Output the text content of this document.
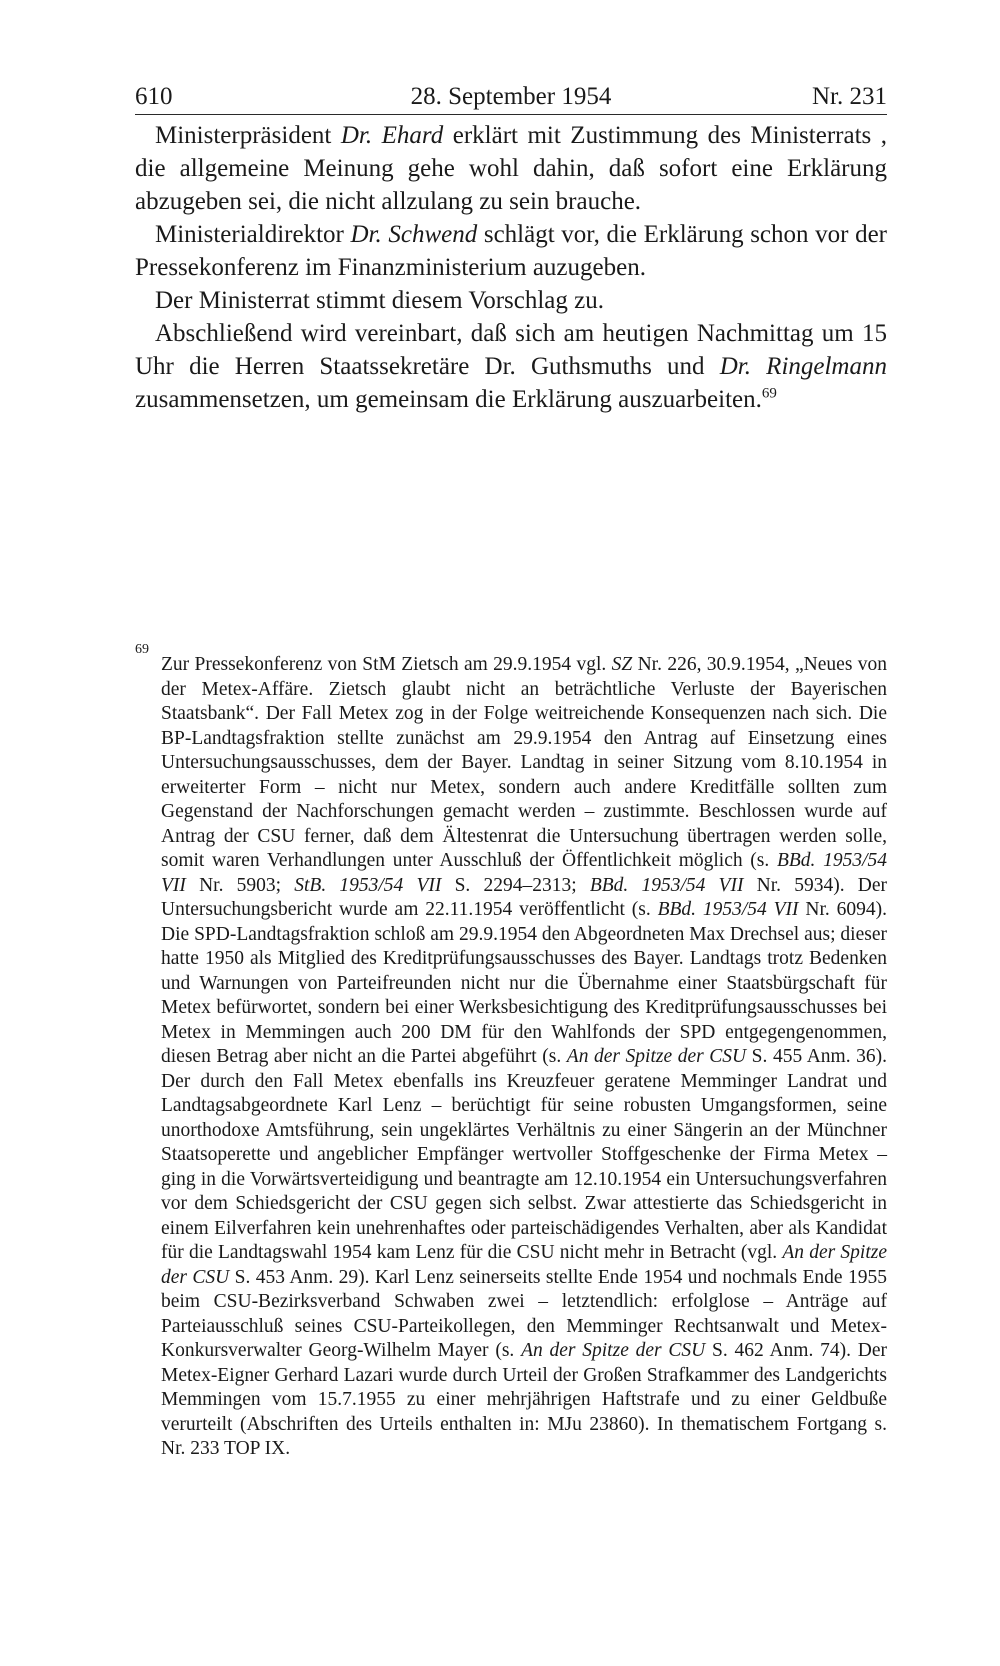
610	28. September 1954	Nr. 231

Ministerpräsident Dr. Ehard erklärt mit Zustimmung des Ministerrats , die allgemeine Meinung gehe wohl dahin, daß sofort eine Erklärung abzugeben sei, die nicht allzulang zu sein brauche.

Ministerialdirektor Dr. Schwend schlägt vor, die Erklärung schon vor der Pressekonferenz im Finanzministerium auzugeben.

Der Ministerrat stimmt diesem Vorschlag zu.

Abschließend wird vereinbart, daß sich am heutigen Nachmittag um 15 Uhr die Herren Staatssekretäre Dr. Guthsmuths und Dr. Ringelmann zusammensetzen, um gemeinsam die Erklärung auszuarbeiten.$^{69}$

69
Zur Pressekonferenz von StM Zietsch am 29.9.1954 vgl. SZ Nr. 226, 30.9.1954, „Neues von der Metex-Affäre. Zietsch glaubt nicht an beträchtliche Verluste der Bayerischen Staatsbank“. Der Fall Metex zog in der Folge weitreichende Konsequenzen nach sich. Die BP-Landtagsfraktion stellte zunächst am 29.9.1954 den Antrag auf Einsetzung eines Untersuchungsausschusses, dem der Bayer. Landtag in seiner Sitzung vom 8.10.1954 in erweiterter Form – nicht nur Metex, sondern auch andere Kreditfälle sollten zum Gegenstand der Nachforschungen gemacht werden – zustimmte. Beschlossen wurde auf Antrag der CSU ferner, daß dem Ältestenrat die Untersuchung übertragen werden solle, somit waren Verhandlungen unter Ausschluß der Öffentlichkeit möglich (s. BBd. 1953/54 VII Nr. 5903; StB. 1953/54 VII S. 2294–2313; BBd. 1953/54 VII Nr. 5934). Der Untersuchungsbericht wurde am 22.11.1954 veröffentlicht (s. BBd. 1953/54 VII Nr. 6094). Die SPD-Landtagsfraktion schloß am 29.9.1954 den Abgeordneten Max Drechsel aus; dieser hatte 1950 als Mitglied des Kreditprüfungsausschusses des Bayer. Landtags trotz Bedenken und Warnungen von Parteifreunden nicht nur die Übernahme einer Staatsbürgschaft für Metex befürwortet, sondern bei einer Werksbesichtigung des Kreditprüfungsausschusses bei Metex in Memmingen auch 200 DM für den Wahlfonds der SPD entgegengenommen, diesen Betrag aber nicht an die Partei abgeführt (s. An der Spitze der CSU S. 455 Anm. 36). Der durch den Fall Metex ebenfalls ins Kreuzfeuer geratene Memminger Landrat und Landtagsabgeordnete Karl Lenz – berüchtigt für seine robusten Umgangsformen, seine unorthodoxe Amtsführung, sein ungeklärtes Verhältnis zu einer Sängerin an der Münchner Staatsoperette und angeblicher Empfänger wertvoller Stoffgeschenke der Firma Metex – ging in die Vorwärtsverteidigung und beantragte am 12.10.1954 ein Untersuchungsverfahren vor dem Schiedsgericht der CSU gegen sich selbst. Zwar attestierte das Schiedsgericht in einem Eilverfahren kein unehrenhaftes oder parteischädigendes Verhalten, aber als Kandidat für die Landtagswahl 1954 kam Lenz für die CSU nicht mehr in Betracht (vgl. An der Spitze der CSU S. 453 Anm. 29). Karl Lenz seinerseits stellte Ende 1954 und nochmals Ende 1955 beim CSU-Bezirksverband Schwaben zwei – letztendlich: erfolglose – Anträge auf Parteiausschluß seines CSU-Parteikollegen, den Memminger Rechtsanwalt und Metex-Konkursverwalter Georg-Wilhelm Mayer (s. An der Spitze der CSU S. 462 Anm. 74). Der Metex-Eigner Gerhard Lazari wurde durch Urteil der Großen Strafkammer des Landgerichts Memmingen vom 15.7.1955 zu einer mehrjährigen Haftstrafe und zu einer Geldbuße verurteilt (Abschriften des Urteils enthalten in: MJu 23860). In thematischem Fortgang s. Nr. 233 TOP IX.
